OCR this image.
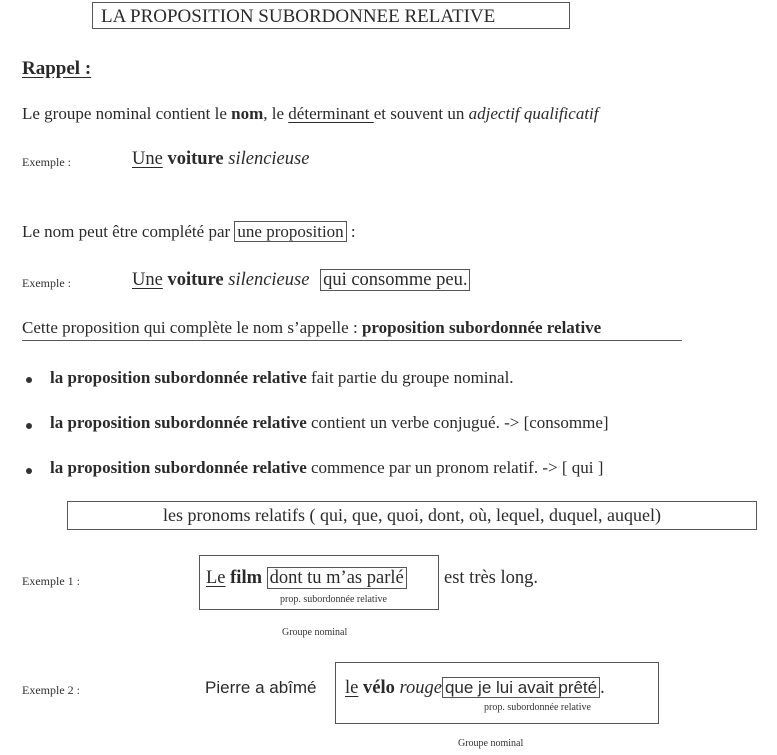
LA PROPOSITION SUBORDONNEE RELATIVE
Rappel :
Le groupe nominal contient le nom, le déterminant et souvent un adjectif qualificatif
Exemple :	Une voiture silencieuse
Le nom peut être complété par une proposition :
Exemple :	Une voiture silencieuse qui consomme peu.
Cette proposition qui complète le nom s’appelle : proposition subordonnée relative
la proposition subordonnée relative fait partie du groupe nominal.
la proposition subordonnée relative contient un verbe conjugué. -> [consomme]
la proposition subordonnée relative commence par un pronom relatif. -> [ qui ]
les pronoms relatifs ( qui, que, quoi, dont, où, lequel, duquel, auquel)
Exemple 1 :	Le film dont tu m’as parlé
prop. subordonnée relative
est très long.
Groupe nominal
Exemple 2 :	Pierre a abîmé le vélo rouge que je lui avait prêté .
prop. subordonnée relative
Groupe nominal
